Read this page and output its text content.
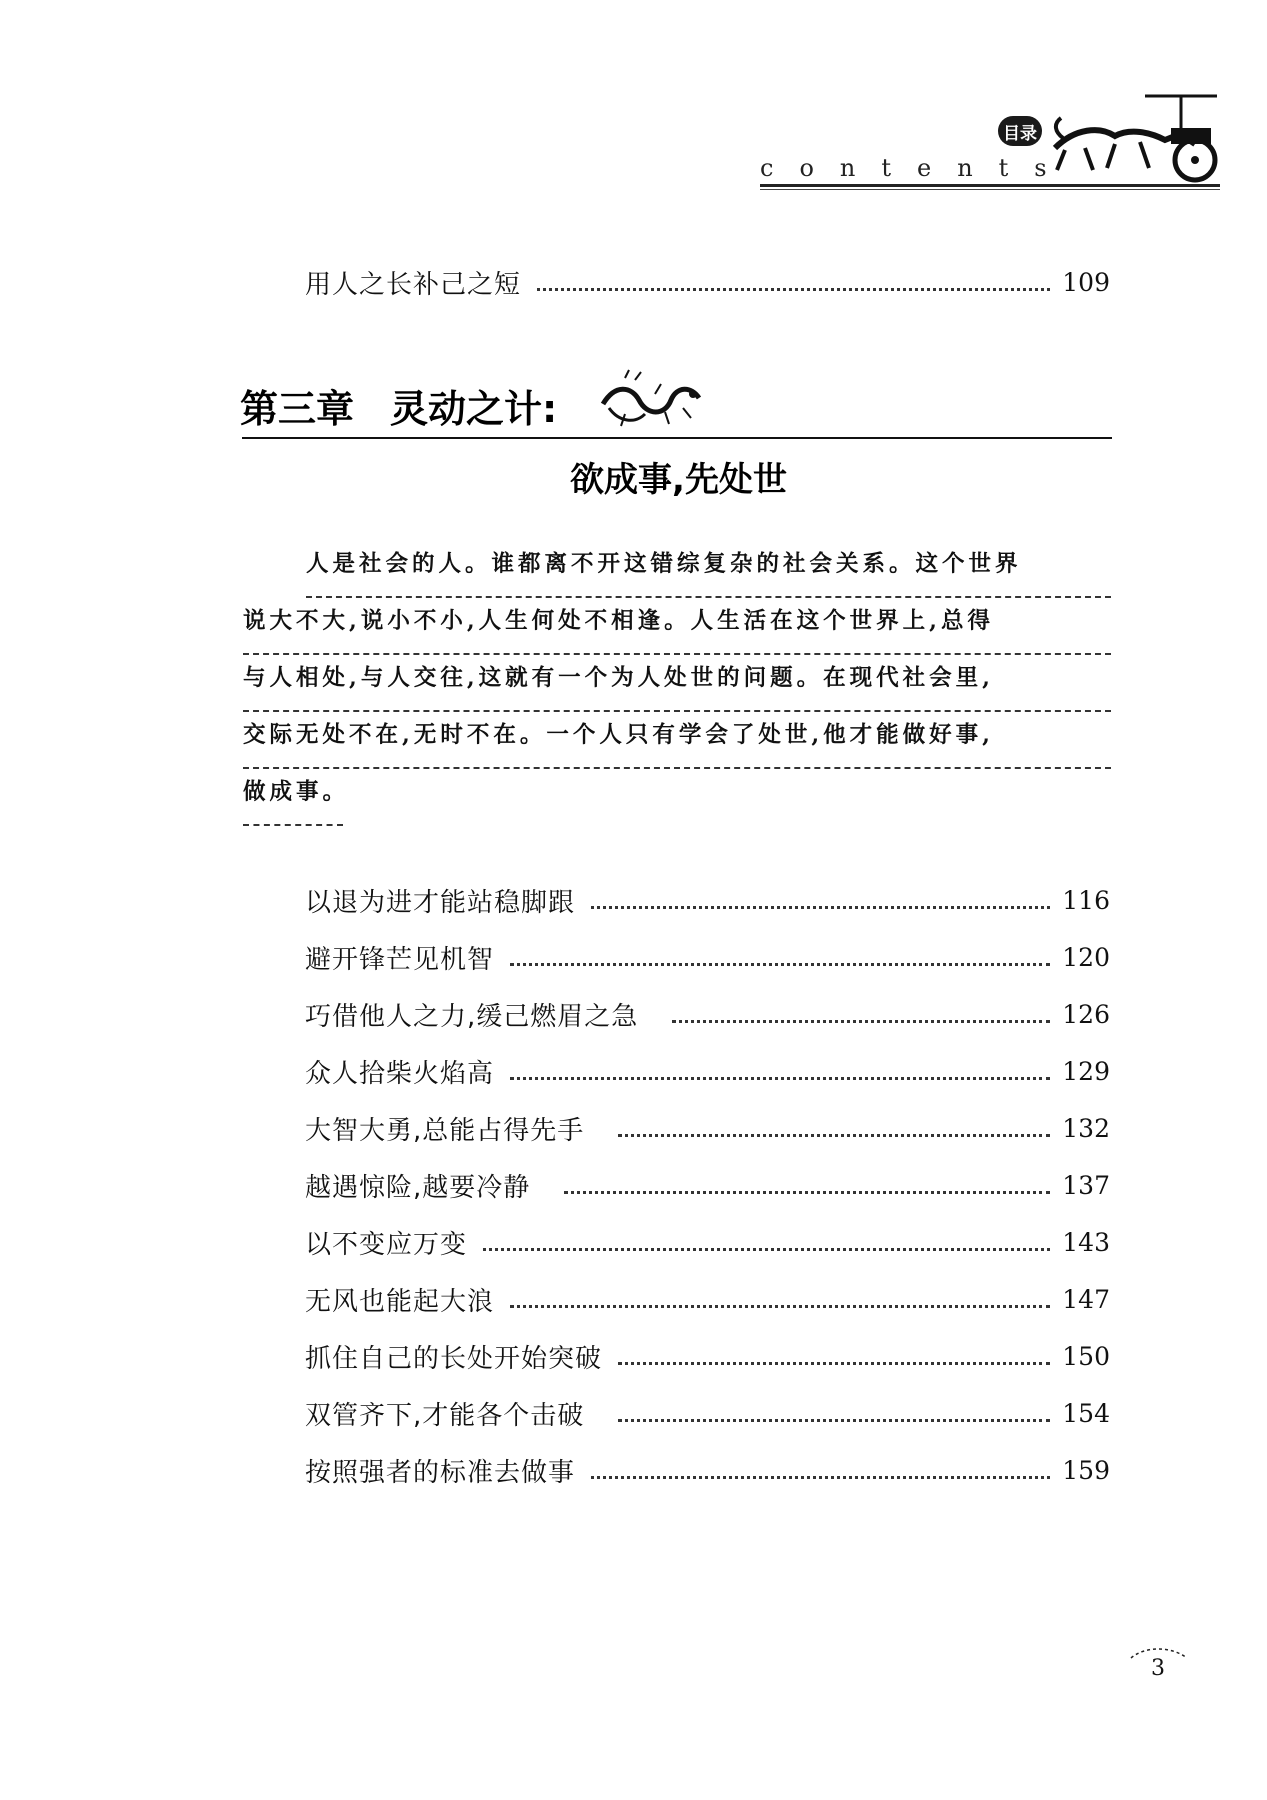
目录
contents
用人之长补己之短	109
第三章 灵动之计:
欲成事,先处世
人是社会的人。谁都离不开这错综复杂的社会关系。这个世界
说大不大,说小不小,人生何处不相逢。人生活在这个世界上,总得
与人相处,与人交往,这就有一个为人处世的问题。在现代社会里,
交际无处不在,无时不在。一个人只有学会了处世,他才能做好事,
做成事。
以退为进才能站稳脚跟	116
避开锋芒见机智	120
巧借他人之力,缓己燃眉之急	126
众人拾柴火焰高	129
大智大勇,总能占得先手	132
越遇惊险,越要冷静	137
以不变应万变	143
无风也能起大浪	147
抓住自己的长处开始突破	150
双管齐下,才能各个击破	154
按照强者的标准去做事	159
3
